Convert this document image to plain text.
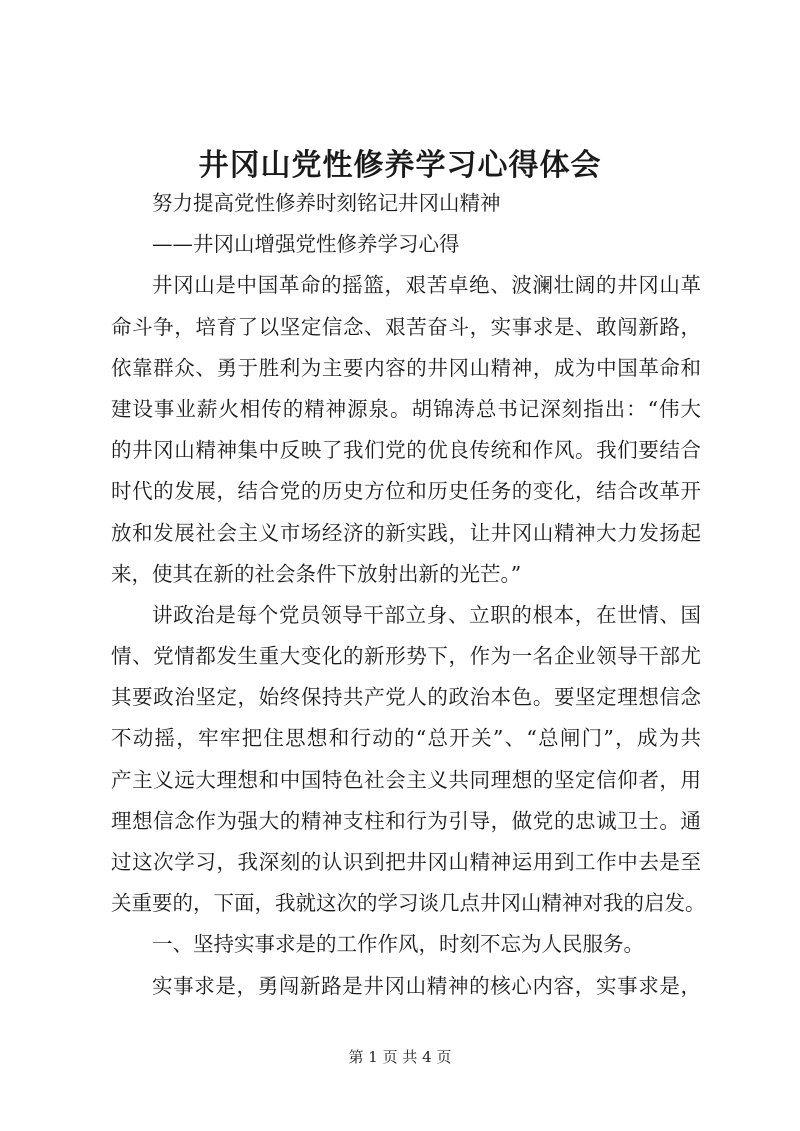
井冈山党性修养学习心得体会
努力提高党性修养时刻铭记井冈山精神
——井冈山增强党性修养学习心得
井冈山是中国革命的摇篮，艰苦卓绝、波澜壮阔的井冈山革
命斗争，培育了以坚定信念、艰苦奋斗，实事求是、敢闯新路，
依靠群众、勇于胜利为主要内容的井冈山精神，成为中国革命和
建设事业薪火相传的精神源泉。胡锦涛总书记深刻指出：“伟大
的井冈山精神集中反映了我们党的优良传统和作风。我们要结合
时代的发展，结合党的历史方位和历史任务的变化，结合改革开
放和发展社会主义市场经济的新实践，让井冈山精神大力发扬起
来，使其在新的社会条件下放射出新的光芒。”
讲政治是每个党员领导干部立身、立职的根本，在世情、国
情、党情都发生重大变化的新形势下，作为一名企业领导干部尤
其要政治坚定，始终保持共产党人的政治本色。要坚定理想信念
不动摇，牢牢把住思想和行动的“总开关”、“总闸门”，成为共
产主义远大理想和中国特色社会主义共同理想的坚定信仰者，用
理想信念作为强大的精神支柱和行为引导，做党的忠诚卫士。通
过这次学习，我深刻的认识到把井冈山精神运用到工作中去是至
关重要的，下面，我就这次的学习谈几点井冈山精神对我的启发。
一、坚持实事求是的工作作风，时刻不忘为人民服务。
实事求是，勇闯新路是井冈山精神的核心内容，实事求是，
第 1 页 共 4 页
